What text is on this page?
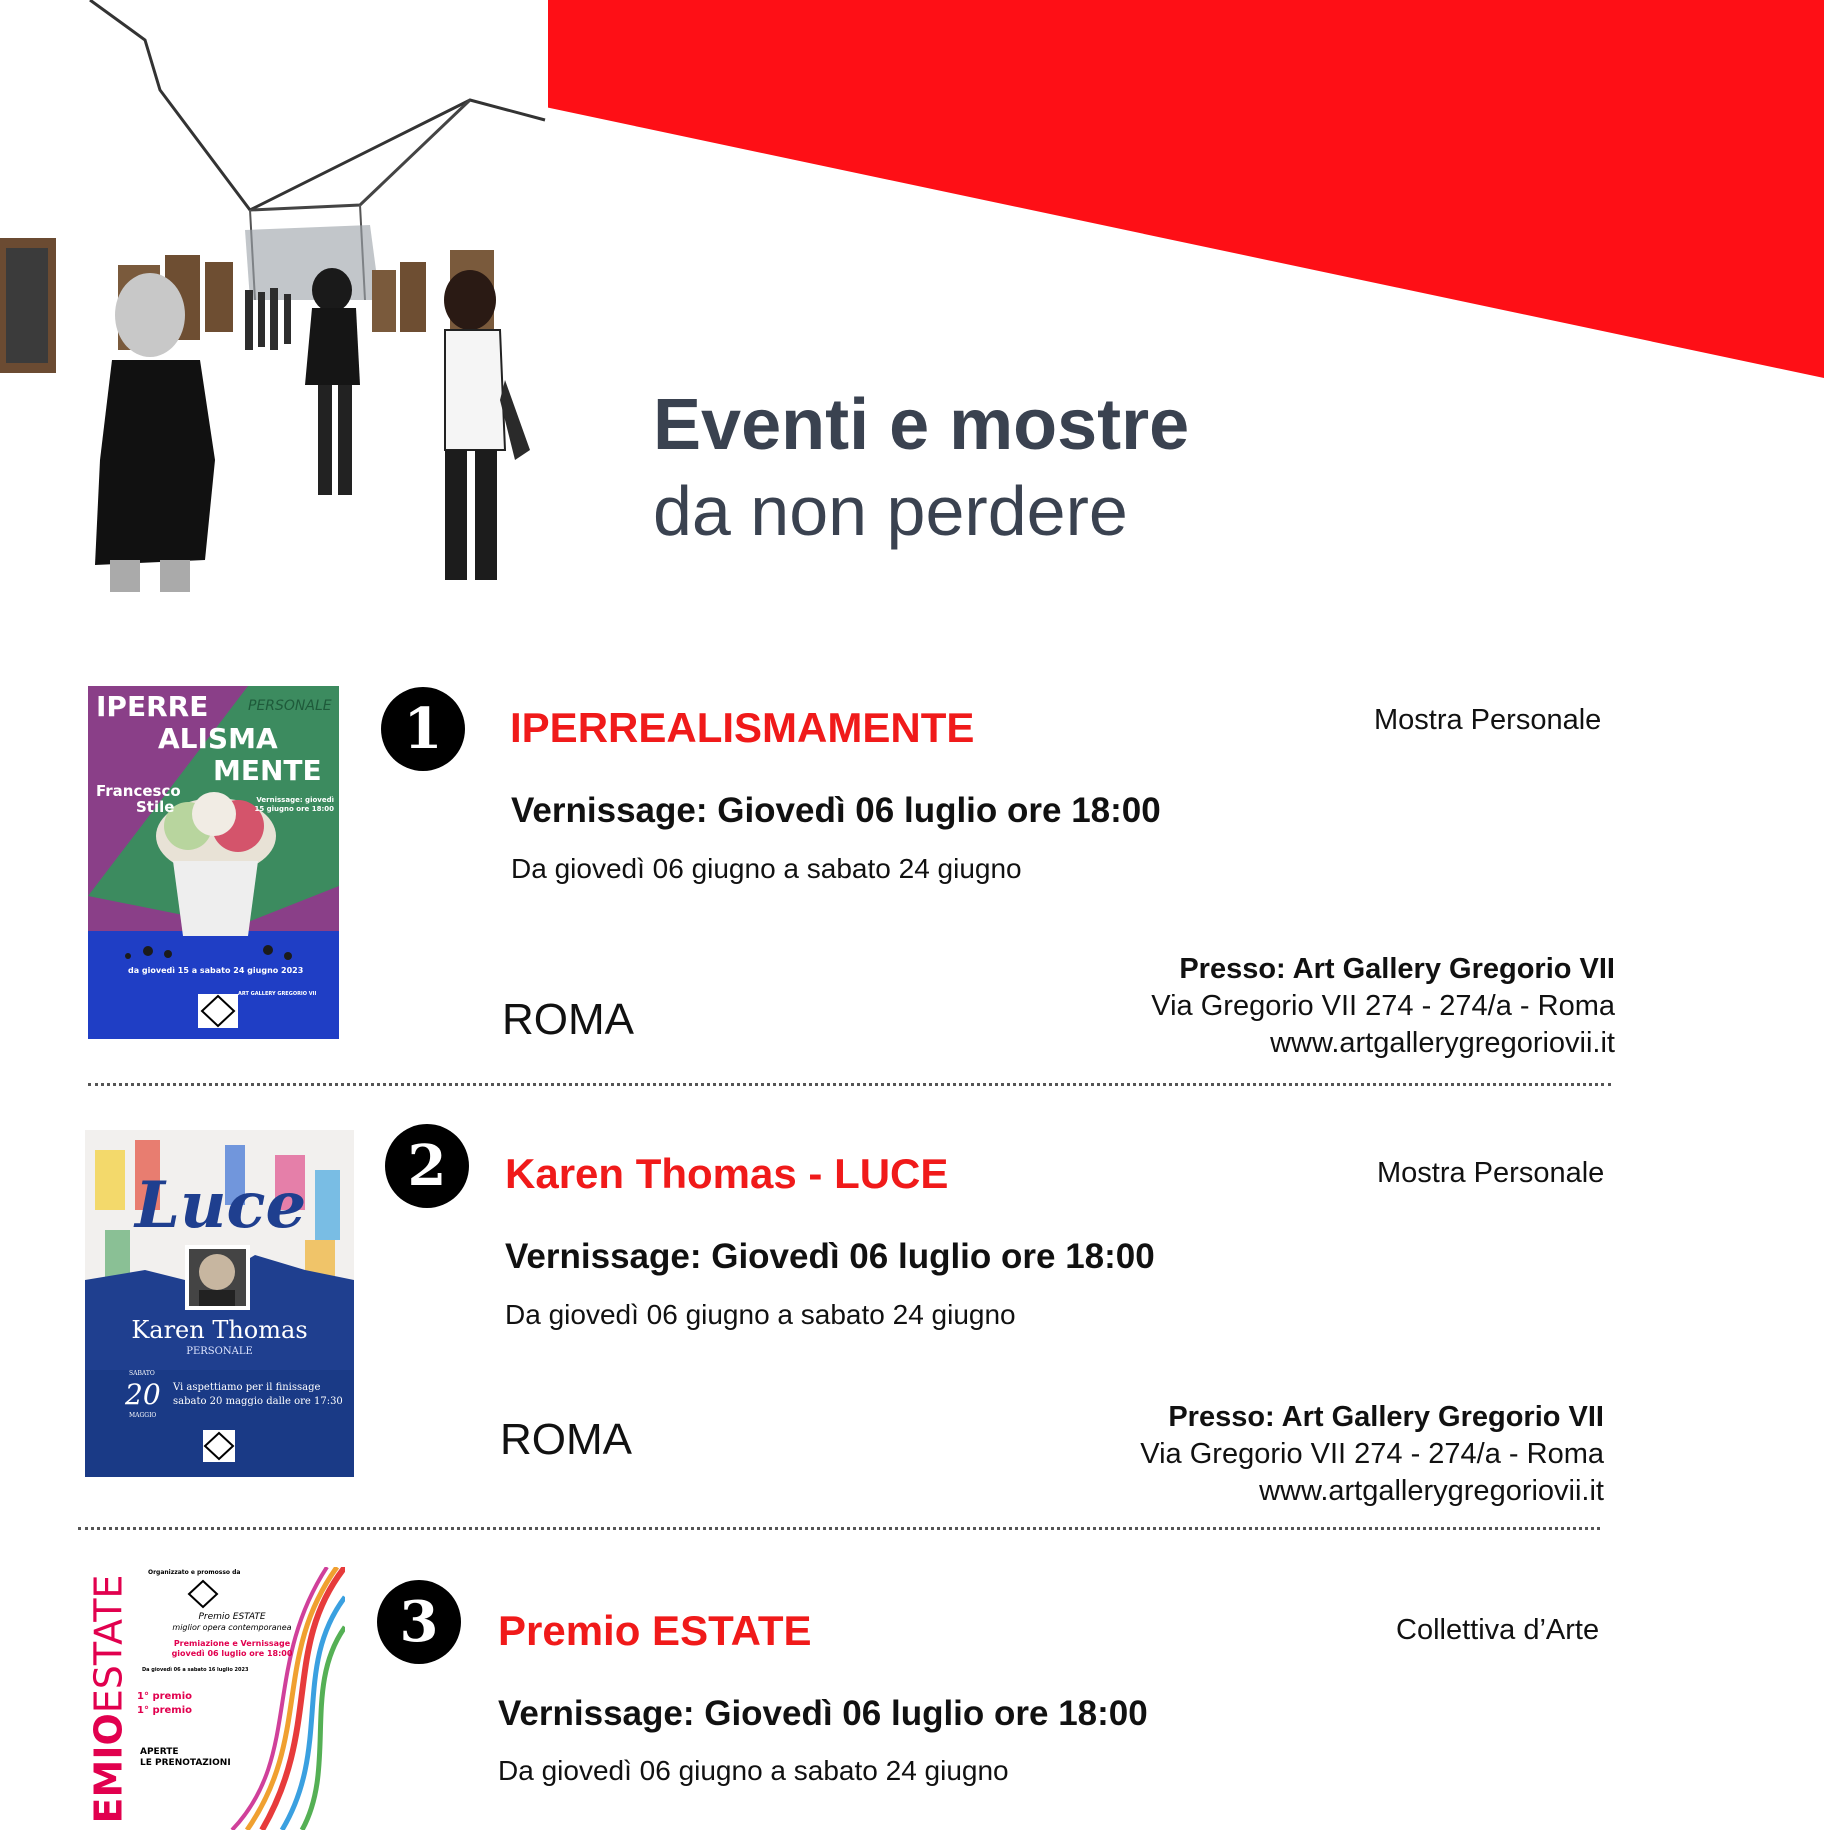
Eventi e mostre
da non perdere
IPERRE	PERSONALE
ALISMA
MENTE
Francesco
Stile	Vernissage: giovedì 15 giugno ore 18:00
da giovedì 15 a sabato 24 giugno 2023
ART GALLERY GREGORIO VII
1	IPERREALISMAMENTE	Mostra Personale
Vernissage: Giovedì 06 luglio ore 18:00
Da giovedì 06 giugno a sabato 24 giugno
ROMA
Presso: Art Gallery Gregorio VII
Via Gregorio VII 274 - 274/a - Roma
www.artgallerygregoriovii.it
Luce
Karen Thomas
PERSONALE
SABATO
20
MAGGIO
Vi aspettiamo per il finissage
sabato 20 maggio dalle ore 17:30
2	Karen Thomas - LUCE	Mostra Personale
Vernissage: Giovedì 06 luglio ore 18:00
Da giovedì 06 giugno a sabato 24 giugno
ROMA	Presso: Art Gallery Gregorio VII
Via Gregorio VII 274 - 274/a - Roma
www.artgallerygregoriovii.it
EMIOESTATE
Organizzato e promosso da
Premio ESTATE
miglior opera contemporanea
Premiazione e Vernissage
giovedì 06 luglio ore 18:00
Da giovedì 06 a sabato 16 luglio 2023
1° premio
1° premio
APERTE
LE PRENOTAZIONI
3	Premio ESTATE	Collettiva d’Arte
Vernissage: Giovedì 06 luglio ore 18:00
Da giovedì 06 giugno a sabato 24 giugno
